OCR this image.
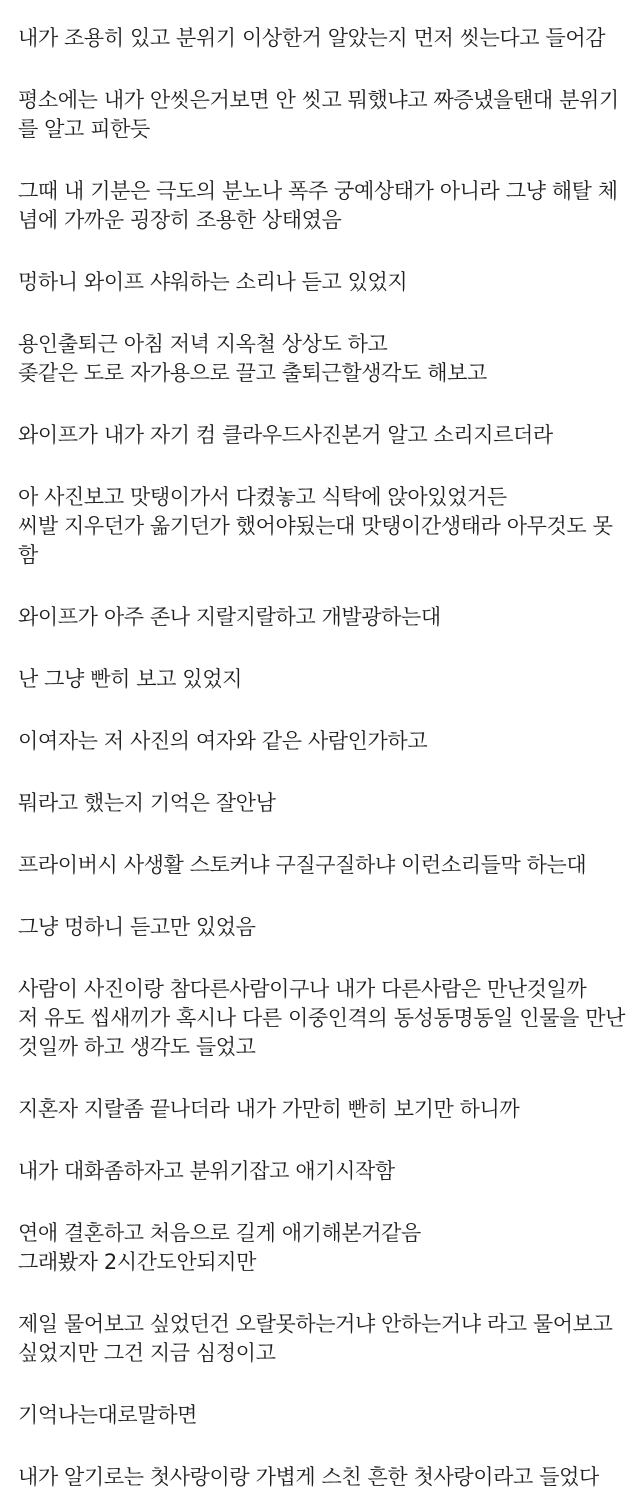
내가 조용히 있고 분위기 이상한거 알았는지 먼저 씻는다고 들어감
평소에는 내가 안씻은거보면 안 씻고 뭐했냐고 짜증냈을탠대 분위기
를 알고 피한듯
그때 내 기분은 극도의 분노나 폭주 궁예상태가 아니라 그냥 해탈 체
념에 가까운 굉장히 조용한 상태였음
멍하니 와이프 샤워하는 소리나 듣고 있었지
용인출퇴근 아침 저녁 지옥철 상상도 하고
좆같은 도로 자가용으로 끌고 출퇴근할생각도 해보고
와이프가 내가 자기 컴 클라우드사진본거 알고 소리지르더라
아 사진보고 맛탱이가서 다켰놓고 식탁에 앉아있었거든
씨발 지우던가 옮기던가 했어야됬는대 맛탱이간생태라 아무것도 못
함
와이프가 아주 존나 지랄지랄하고 개발광하는대
난 그냥 빤히 보고 있었지
이여자는 저 사진의 여자와 같은 사람인가하고
뭐라고 했는지 기억은 잘안남
프라이버시 사생활 스토커냐 구질구질하냐 이런소리들막 하는대
그냥 멍하니 듣고만 있었음
사람이 사진이랑 참다른사람이구나 내가 다른사람은 만난것일까
저 유도 씹새끼가 혹시나 다른 이중인격의 동성동명동일 인물을 만난
것일까 하고 생각도 들었고
지혼자 지랄좀 끝나더라 내가 가만히 빤히 보기만 하니까
내가 대화좀하자고 분위기잡고 애기시작함
연애 결혼하고 처음으로 길게 애기해본거같음
그래봤자 2시간도안되지만
제일 물어보고 싶었던건 오랄못하는거냐 안하는거냐 라고 물어보고
싶었지만 그건 지금 심정이고
기억나는대로말하면
내가 알기로는 첫사랑이랑 가볍게 스친 흔한 첫사랑이라고 들었다
